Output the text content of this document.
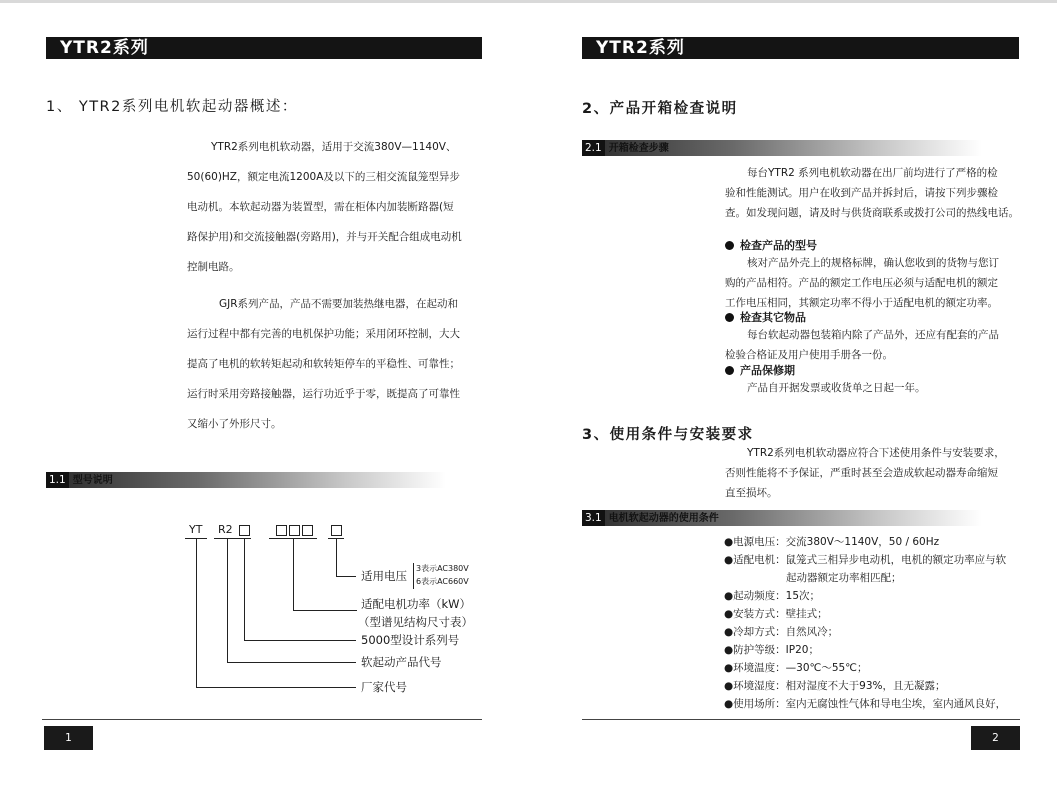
YTR2系列
1、 YTR2系列电机软起动器概述：

YTR2系列电机软动器，适用于交流380V—1140V、

50(60)HZ，额定电流1200A及以下的三相交流鼠笼型异步

电动机。本软起动器为装置型，需在柜体内加装断路器(短

路保护用)和交流接触器(旁路用)，并与开关配合组成电动机

控制电路。

GJR系列产品，产品不需要加装热继电器，在起动和

运行过程中都有完善的电机保护功能；采用闭环控制，大大

提高了电机的软转矩起动和软转矩停车的平稳性、可靠性；

运行时采用旁路接触器，运行功近乎于零，既提高了可靠性

又缩小了外形尺寸。

1.1 型号说明
YT R2
适用电压
3表示AC380V
6表示AC660V
适配电机功率（kW）
（型谱见结构尺寸表）
5000型设计系列号
软起动产品代号
厂家代号
1
YTR2系列
2、产品开箱检查说明
2.1 开箱检查步骤

每台YTR2 系列电机软动器在出厂前均进行了严格的检

验和性能测试。用户在收到产品并拆封后，请按下列步骤检

查。如发现问题，请及时与供货商联系或拨打公司的热线电话。

检查产品的型号

核对产品外壳上的规格标牌，确认您收到的货物与您订

购的产品相符。产品的额定工作电压必须与适配电机的额定

工作电压相同，其额定功率不得小于适配电机的额定功率。

检查其它物品

每台软起动器包装箱内除了产品外，还应有配套的产品

检验合格证及用户使用手册各一份。

产品保修期

产品自开据发票或收货单之日起一年。

3、使用条件与安装要求

YTR2系列电机软动器应符合下述使用条件与安装要求，

否则性能将不予保证，严重时甚至会造成软起动器寿命缩短

直至损坏。

3.1 电机软起动器的使用条件
●电源电压：交流380V～1140V，50 / 60Hz
●适配电机：鼠笼式三相异步电动机，电机的额定功率应与软
起动器额定功率相匹配；
●起动频度：15次；
●安装方式：壁挂式；
●冷却方式：自然风冷；
●防护等级：IP20；
●环境温度：—30℃～55℃；
●环境湿度：相对湿度不大于93%，且无凝露；
●使用场所：室内无腐蚀性气体和导电尘埃，室内通风良好，
2
